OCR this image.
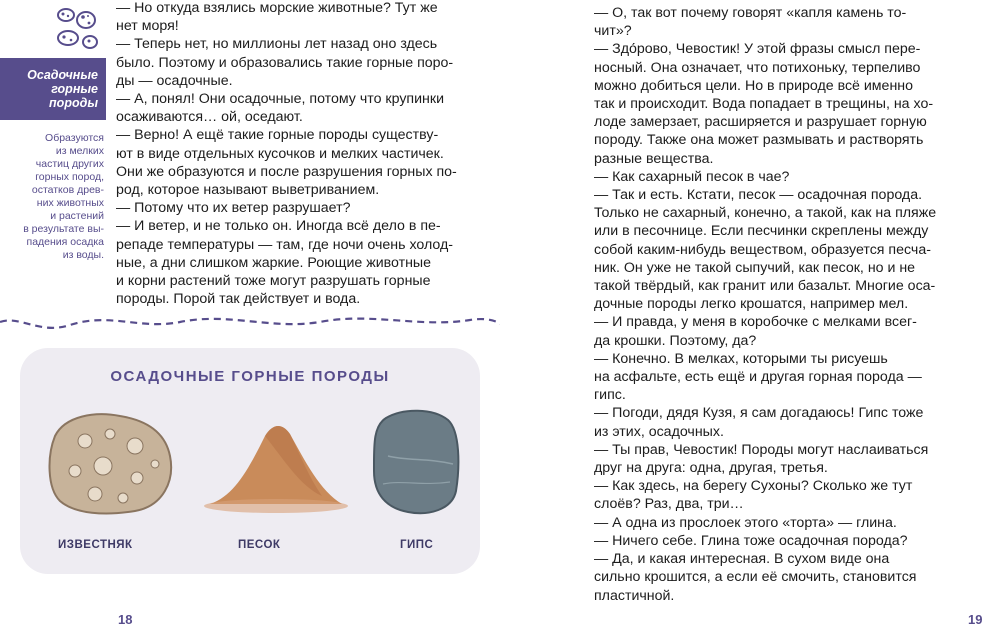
Осадочные
горные
породы
Образуются
из мелких
частиц других
горных пород,
остатков древ-
них животных
и растений
в результате вы-
падения осадка
из воды.

— Но откуда взялись морские животные? Тут же

нет моря!

— Теперь нет, но миллионы лет назад оно здесь

было. Поэтому и образовались такие горные поро-

ды — осадочные.

— А, понял! Они осадочные, потому что крупинки

осаживаются… ой, оседают.

— Верно! А ещё такие горные породы существу-

ют в виде отдельных кусочков и мелких частичек.

Они же образуются и после разрушения горных по-

род, которое называют выветриванием.

— Потому что их ветер разрушает?

— И ветер, и не только он. Иногда всё дело в пе-

репаде температуры — там, где ночи очень холод-

ные, а дни слишком жаркие. Роющие животные

и корни растений тоже могут разрушать горные

породы. Порой так действует и вода.

ОСАДОЧНЫЕ ГОРНЫЕ ПОРОДЫ
ИЗВЕСТНЯК	ПЕСОК	ГИПС
18

— О, так вот почему говорят «капля камень то-

чит»?

— Здо́рово, Чевостик! У этой фразы смысл пере-

носный. Она означает, что потихоньку, терпеливо

можно добиться цели. Но в природе всё именно

так и происходит. Вода попадает в трещины, на хо-

лоде замерзает, расширяется и разрушает горную

породу. Также она может размывать и растворять

разные вещества.

— Как сахарный песок в чае?

— Так и есть. Кстати, песок — осадочная порода.

Только не сахарный, конечно, а такой, как на пляже

или в песочнице. Если песчинки скреплены между

собой каким-нибудь веществом, образуется песча-

ник. Он уже не такой сыпучий, как песок, но и не

такой твёрдый, как гранит или базальт. Многие оса-

дочные породы легко крошатся, например мел.

— И правда, у меня в коробочке с мелками всег-

да крошки. Поэтому, да?

— Конечно. В мелках, которыми ты рисуешь

на асфальте, есть ещё и другая горная порода —

гипс.

— Погоди, дядя Кузя, я сам догадаюсь! Гипс тоже

из этих, осадочных.

— Ты прав, Чевостик! Породы могут наслаиваться

друг на друга: одна, другая, третья.

— Как здесь, на берегу Сухоны? Сколько же тут

слоёв? Раз, два, три…

— А одна из прослоек этого «торта» — глина.

— Ничего себе. Глина тоже осадочная порода?

— Да, и какая интересная. В сухом виде она

сильно крошится, а если её смочить, становится

пластичной.

19
